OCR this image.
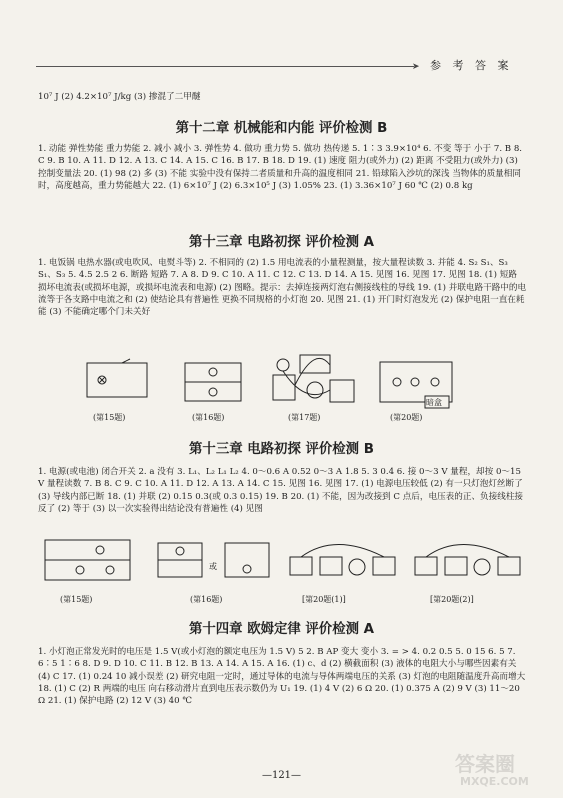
➤ 参 考 答 案
10⁷ J (2) 4.2×10⁷ J/kg (3) 掺混了二甲醚
第十二章 机械能和内能 评价检测 B
1. 动能 弹性势能 重力势能 2. 减小 减小 3. 弹性势 4. 做功 重力势 5. 做功 热传递 5. 1∶3 3.9×10⁴ 6. 不变 等于 小于 7. B 8. C 9. B 10. A 11. D 12. A 13. C 14. A 15. C 16. B 17. B 18. D 19. (1) 速度 阻力(或外力) (2) 距离 不受阻力(或外力) (3) 控制变量法 20. (1) 98 (2) 多 (3) 不能 实验中没有保持二者质量和升高的温度相同 21. 铅球陷入沙坑的深浅 当物体的质量相同时，高度越高，重力势能越大 22. (1) 6×10⁷ J (2) 6.3×10⁵ J (3) 1.05% 23. (1) 3.36×10⁷ J 60 ℃ (2) 0.8 kg
第十三章 电路初探 评价检测 A
1. 电饭锅 电热水器(或电吹风、电熨斗等) 2. 不相同的 (2) 1.5 用电流表的小量程测量，按大量程读数 3. 并能 4. S₂ S₁、S₃ S₁、S₃ 5. 4.5 2.5 2 6. 断路 短路 7. A 8. D 9. C 10. A 11. C 12. C 13. D 14. A 15. 见图 16. 见图 17. 见图 18. (1) 短路 损坏电流表(或损坏电源，或损坏电流表和电源) (2) 图略。提示：去掉连接两灯泡右侧接线柱的导线 19. (1) 并联电路干路中的电流等于各支路中电流之和 (2) 使结论具有普遍性 更换不同规格的小灯泡 20. 见图 21. (1) 开门时灯泡发光 (2) 保护电阻一直在耗能 (3) 不能确定哪个门未关好
(第15题)	(第16题)	(第17题)
暗盒
(第20题)
第十三章 电路初探 评价检测 B
1. 电源(或电池) 闭合开关 2. a 没有 3. L₁、L₂ L₁ L₂ 4. 0～0.6 A 0.52 0～3 A 1.8 5. 3 0.4 6. 接 0～3 V 量程，却按 0～15 V 量程读数 7. B 8. C 9. C 10. A 11. D 12. A 13. A 14. C 15. 见图 16. 见图 17. (1) 电源电压较低 (2) 有一只灯泡灯丝断了 (3) 导线内部已断 18. (1) 并联 (2) 0.15 0.3(或 0.3 0.15) 19. B 20. (1) 不能，因为改接到 C 点后，电压表的正、负接线柱接反了 (2) 等于 (3) 以一次实验得出结论没有普遍性 (4) 见图
(第15题)
或
(第16题)	[第20题(1)]	[第20题(2)]
第十四章 欧姆定律 评价检测 A
1. 小灯泡正常发光时的电压是 1.5 V(或小灯泡的额定电压为 1.5 V) 5 2. B AP 变大 变小 3. = > 4. 0.2 0.5 5. 0 15 6. 5 7. 6∶5 1∶6 8. D 9. D 10. C 11. B 12. B 13. A 14. A 15. A 16. (1) c、d (2) 横截面积 (3) 液体的电阻大小与哪些因素有关 (4) C 17. (1) 0.24 10 减小误差 (2) 研究电阻一定时，通过导体的电流与导体两端电压的关系 (3) 灯泡的电阻随温度升高而增大 18. (1) C (2) R 两端的电压 向右移动滑片直到电压表示数仍为 U₁ 19. (1) 4 V (2) 6 Ω 20. (1) 0.375 A (2) 9 V (3) 11～20 Ω 21. (1) 保护电路 (2) 12 V (3) 40 ℃
—121—	答案圈
MXQE.COM
